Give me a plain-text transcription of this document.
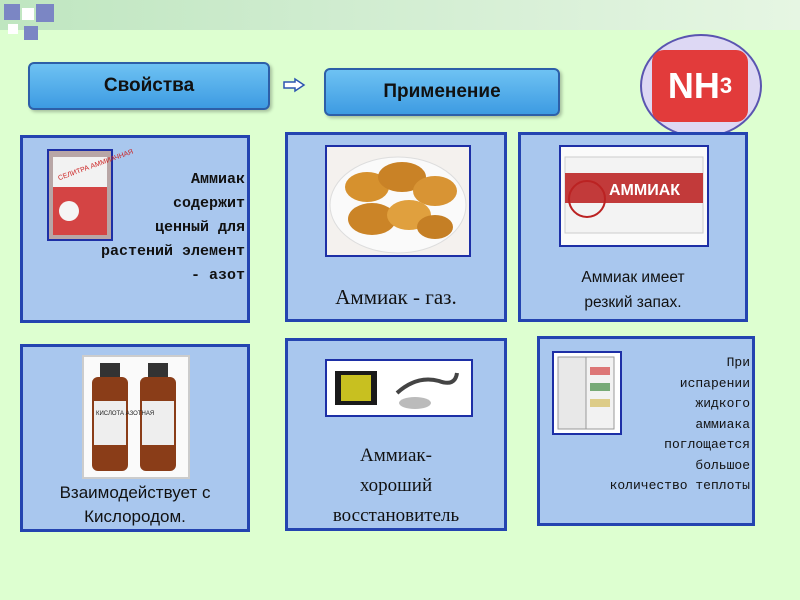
Свойства	Применение	NH 3
СЕЛИТРА АММИАЧНАЯ	Аммиак
содержит
ценный для
растений элемент
- азот
Аммиак - газ.
АММИАК
Аммиак имеет
резкий запах.
КИСЛОТА АЗОТНАЯ
Взаимодействует с
Кислородом.
Аммиак-
хороший
восстановитель
При
испарении
жидкого
аммиака
поглощается
большое
количество теплоты
